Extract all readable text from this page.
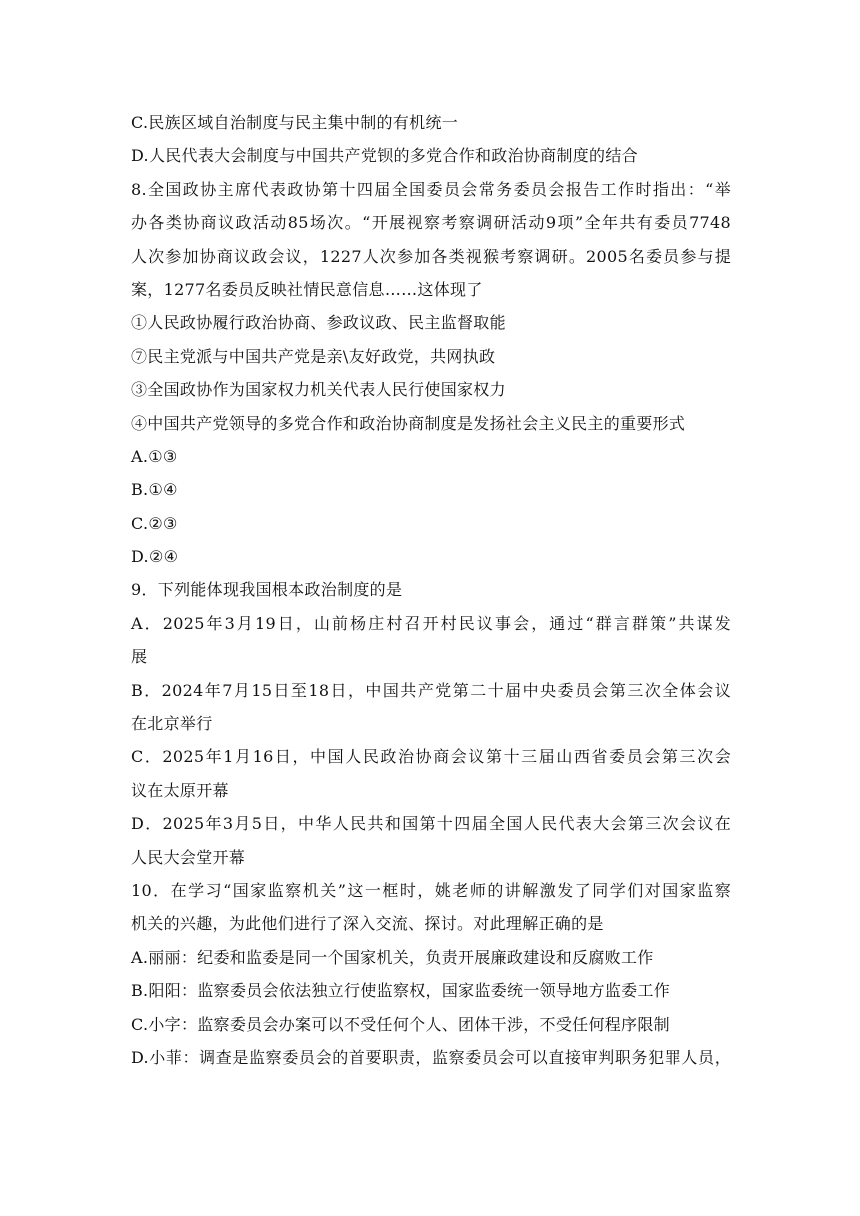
C.民族区域自治制度与民主集中制的有机统一
D.人民代表大会制度与中国共产党钡的多党合作和政治协商制度的结合
8.全国政协主席代表政协第十四届全国委员会常务委员会报告工作时指出：“举
办各类协商议政活动85场次。“开展视察考察调研活动9项”全年共有委员7748
人次参加协商议政会议，1227人次参加各类视猴考察调研。2005名委员参与提
案，1277名委员反映社情民意信息……这体现了
①人民政协履行政治协商、参政议政、民主监督取能
⑦民主党派与中国共产党是亲\友好政党，共网执政
③全国政协作为国家权力机关代表人民行使国家权力
④中国共产党领导的多党合作和政治协商制度是发扬社会主义民主的重要形式
A.①③
B.①④
C.②③
D.②④
9．下列能体现我国根本政治制度的是
A．2025年3月19日，山前杨庄村召开村民议事会，通过“群言群策”共谋发
展
B．2024年7月15日至18日，中国共产党第二十届中央委员会第三次全体会议
在北京举行
C．2025年1月16日，中国人民政治协商会议第十三届山西省委员会第三次会
议在太原开幕
D．2025年3月5日，中华人民共和国第十四届全国人民代表大会第三次会议在
人民大会堂开幕
10．在学习“国家监察机关”这一框时，姚老师的讲解激发了同学们对国家监察
机关的兴趣，为此他们进行了深入交流、探讨。对此理解正确的是
A.丽丽：纪委和监委是同一个国家机关，负责开展廉政建设和反腐败工作
B.阳阳：监察委员会依法独立行使监察权，国家监委统一领导地方监委工作
C.小字：监察委员会办案可以不受任何个人、团体干涉，不受任何程序限制
D.小菲：调查是监察委员会的首要职责，监察委员会可以直接审判职务犯罪人员，
